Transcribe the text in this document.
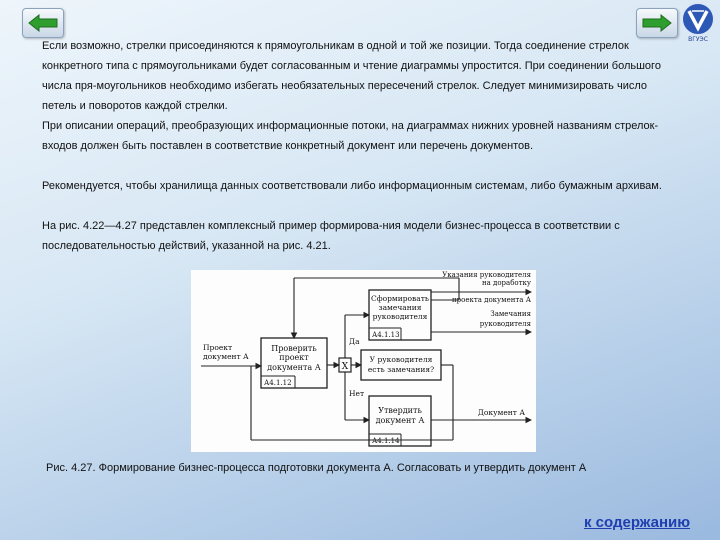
ВГУЭС
Если возможно, стрелки присоединяются к прямоугольникам в одной и той же позиции. Тогда соединение стрелок конкретного типа с прямоугольниками будет согласованным и чтение диаграммы упростится. При соединении большого числа пря-моугольников необходимо избегать необязательных пересечений стрелок. Следует минимизировать число петель и поворотов каждой стрелки.
При описании операций, преобразующих информационные потоки, на диаграммах нижних уровней названиям стрелок-входов должен быть поставлен в соответствие конкретный документ или перечень документов.
Рекомендуется, чтобы хранилища данных соответствовали либо информационным системам, либо бумажным архивам.
На рис. 4.22—4.27 представлен комплексный пример формирова-ния модели бизнес-процесса в соответствии с последовательностью действий, указанной на рис. 4.21.
Проверить
проект
документа А
А4.1.12
Сформировать
замечания
руководителя
А4.1.13
У руководителя
есть замечания?
Утвердить
документ А
А4.1.14
X
Проект
документ А
Да
Нет
Указания руководителя
на доработку
проекта документа А
Замечания
руководителя
Документ А
Рис. 4.27. Формирование бизнес-процесса подготовки документа А. Согласовать и утвердить документ А
к содержанию
